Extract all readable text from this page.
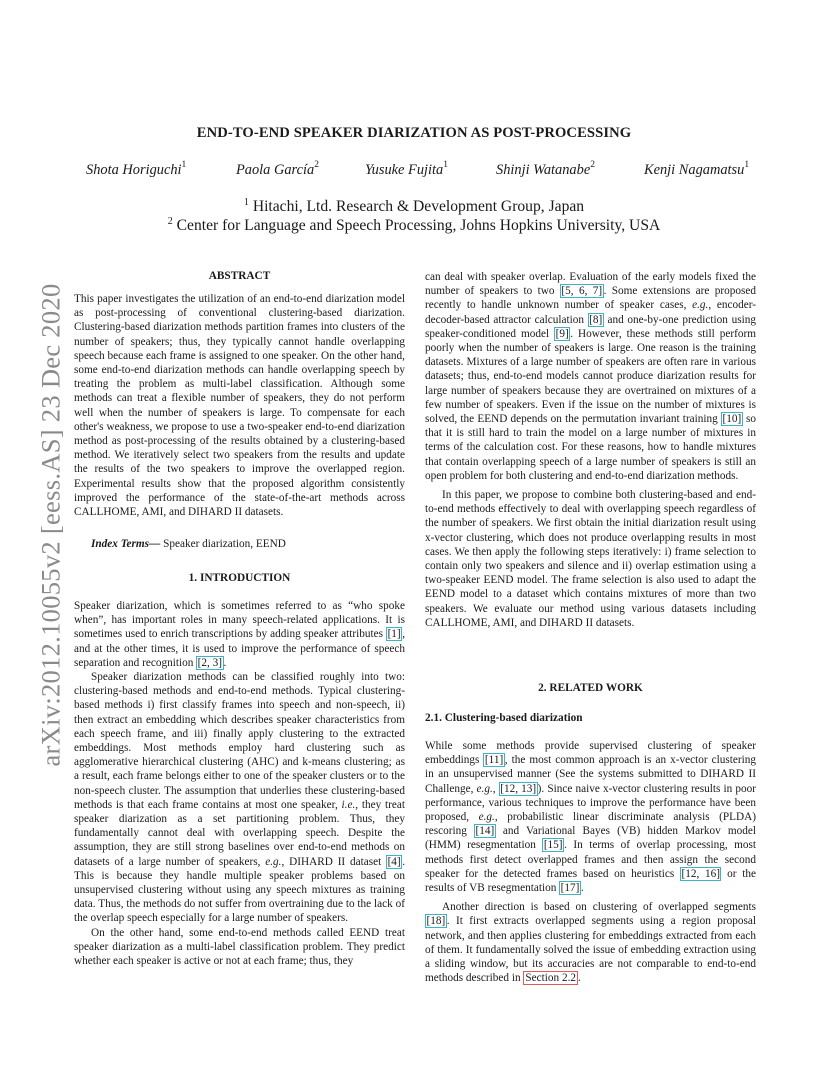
END-TO-END SPEAKER DIARIZATION AS POST-PROCESSING
Shota Horiguchi$^1$	Paola García$^2$	Yusuke Fujita$^1$	Shinji Watanabe$^2$	Kenji Nagamatsu$^1$
$^1$ Hitachi, Ltd. Research & Development Group, Japan
$^2$ Center for Language and Speech Processing, Johns Hopkins University, USA
arXiv:2012.10055v2 [eess.AS] 23 Dec 2020
ABSTRACT

This paper investigates the utilization of an end-to-end diarization model as post-processing of conventional clustering-based diarization. Clustering-based diarization methods partition frames into clusters of the number of speakers; thus, they typically cannot handle overlapping speech because each frame is assigned to one speaker. On the other hand, some end-to-end diarization methods can handle overlapping speech by treating the problem as multi-label classification. Although some methods can treat a flexible number of speakers, they do not perform well when the number of speakers is large. To compensate for each other's weakness, we propose to use a two-speaker end-to-end diarization method as post-processing of the results obtained by a clustering-based method. We iteratively select two speakers from the results and update the results of the two speakers to improve the overlapped region. Experimental results show that the proposed algorithm consistently improved the performance of the state-of-the-art methods across CALLHOME, AMI, and DIHARD II datasets.

Index Terms— Speaker diarization, EEND
1. INTRODUCTION

Speaker diarization, which is sometimes referred to as “who spoke when”, has important roles in many speech-related applications. It is sometimes used to enrich transcriptions by adding speaker attributes [1] , and at the other times, it is used to improve the performance of speech separation and recognition [2, 3] .

Speaker diarization methods can be classified roughly into two: clustering-based methods and end-to-end methods. Typical clustering-based methods i) first classify frames into speech and non-speech, ii) then extract an embedding which describes speaker characteristics from each speech frame, and iii) finally apply clustering to the extracted embeddings. Most methods employ hard clustering such as agglomerative hierarchical clustering (AHC) and k-means clustering; as a result, each frame belongs either to one of the speaker clusters or to the non-speech cluster. The assumption that underlies these clustering-based methods is that each frame contains at most one speaker, i.e., they treat speaker diarization as a set partitioning problem. Thus, they fundamentally cannot deal with overlapping speech. Despite the assumption, they are still strong baselines over end-to-end methods on datasets of a large number of speakers, e.g., DIHARD II dataset [4] . This is because they handle multiple speaker problems based on unsupervised clustering without using any speech mixtures as training data. Thus, the methods do not suffer from overtraining due to the lack of the overlap speech especially for a large number of speakers.

On the other hand, some end-to-end methods called EEND treat speaker diarization as a multi-label classification problem. They predict whether each speaker is active or not at each frame; thus, they

can deal with speaker overlap. Evaluation of the early models fixed the number of speakers to two [5, 6, 7] . Some extensions are proposed recently to handle unknown number of speaker cases, e.g., encoder-decoder-based attractor calculation [8] and one-by-one prediction using speaker-conditioned model [9] . However, these methods still perform poorly when the number of speakers is large. One reason is the training datasets. Mixtures of a large number of speakers are often rare in various datasets; thus, end-to-end models cannot produce diarization results for large number of speakers because they are overtrained on mixtures of a few number of speakers. Even if the issue on the number of mixtures is solved, the EEND depends on the permutation invariant training [10] so that it is still hard to train the model on a large number of mixtures in terms of the calculation cost. For these reasons, how to handle mixtures that contain overlapping speech of a large number of speakers is still an open problem for both clustering and end-to-end diarization methods.

In this paper, we propose to combine both clustering-based and end-to-end methods effectively to deal with overlapping speech regardless of the number of speakers. We first obtain the initial diarization result using x-vector clustering, which does not produce overlapping results in most cases. We then apply the following steps iteratively: i) frame selection to contain only two speakers and silence and ii) overlap estimation using a two-speaker EEND model. The frame selection is also used to adapt the EEND model to a dataset which contains mixtures of more than two speakers. We evaluate our method using various datasets including CALLHOME, AMI, and DIHARD II datasets.

2. RELATED WORK
2.1. Clustering-based diarization

While some methods provide supervised clustering of speaker embeddings [11] , the most common approach is an x-vector clustering in an unsupervised manner (See the systems submitted to DIHARD II Challenge, e.g., [12, 13] ). Since naive x-vector clustering results in poor performance, various techniques to improve the performance have been proposed, e.g., probabilistic linear discriminate analysis (PLDA) rescoring [14] and Variational Bayes (VB) hidden Markov model (HMM) resegmentation [15] . In terms of overlap processing, most methods first detect overlapped frames and then assign the second speaker for the detected frames based on heuristics [12, 16] or the results of VB resegmentation [17] .

Another direction is based on clustering of overlapped segments [18] . It first extracts overlapped segments using a region proposal network, and then applies clustering for embeddings extracted from each of them. It fundamentally solved the issue of embedding extraction using a sliding window, but its accuracies are not comparable to end-to-end methods described in Section 2.2 .
